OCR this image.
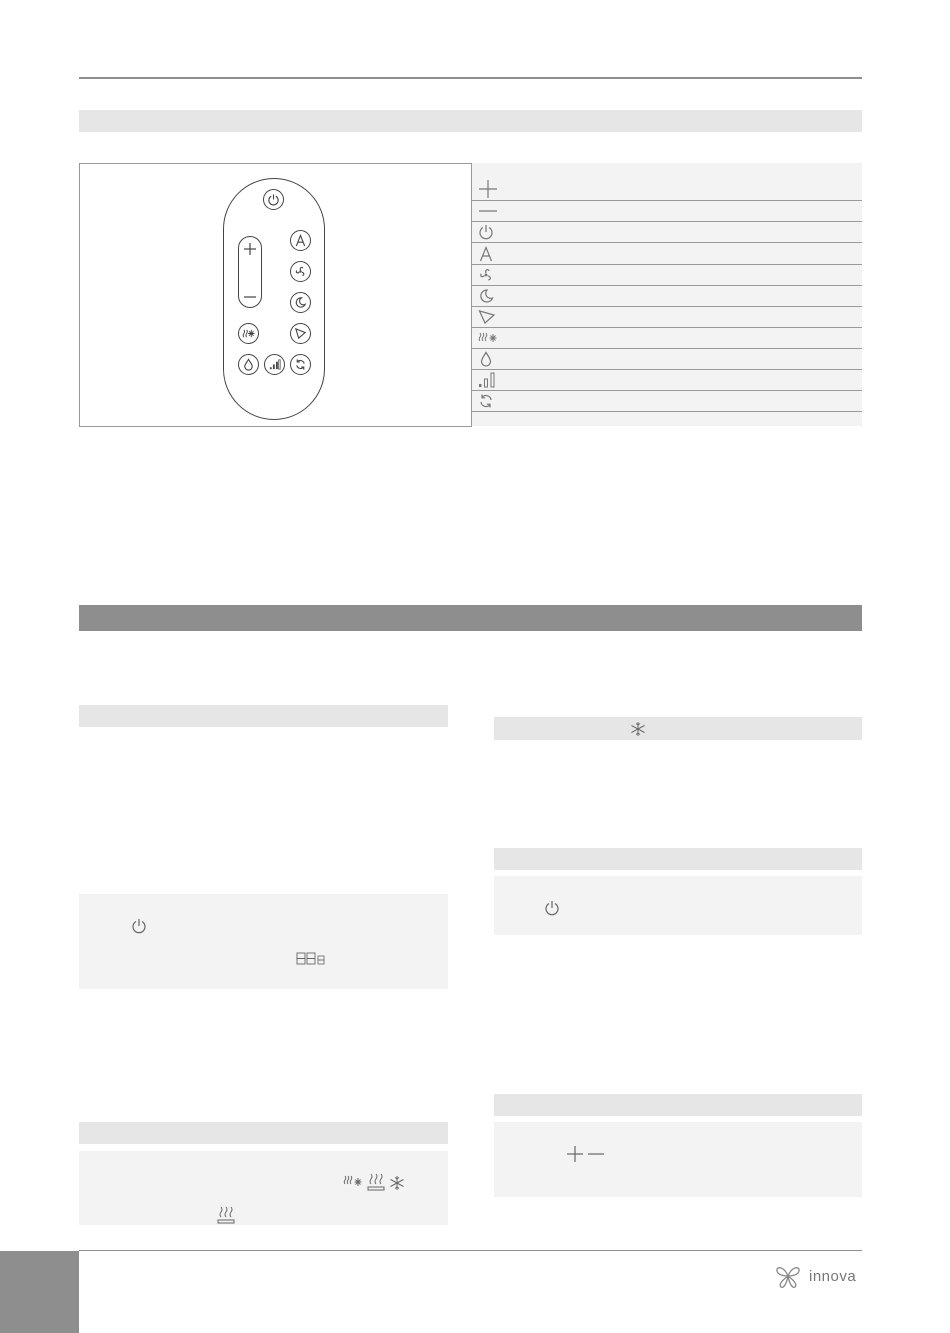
innova
